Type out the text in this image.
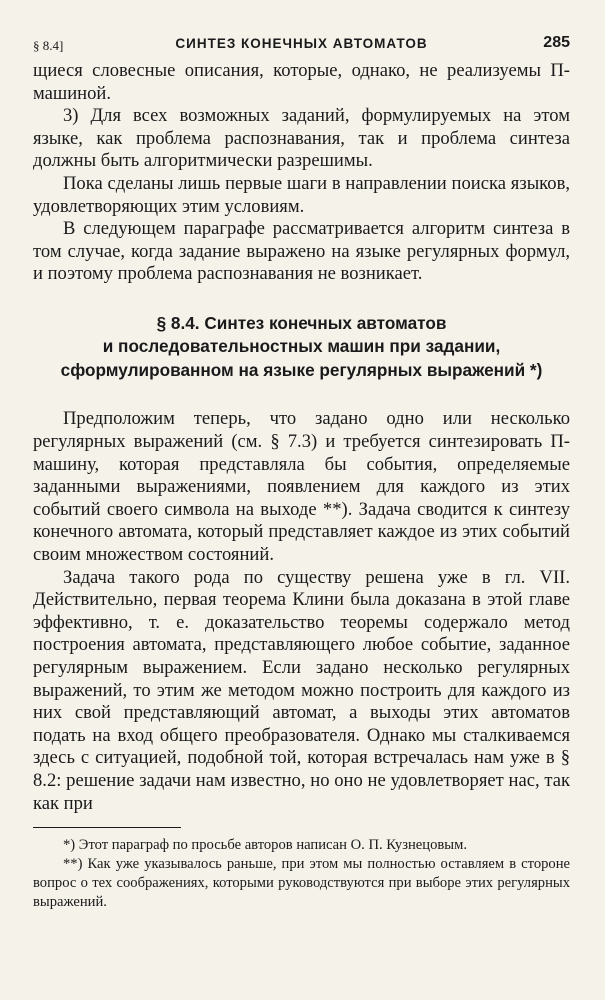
§ 8.4]	СИНТЕЗ КОНЕЧНЫХ АВТОМАТОВ	285

щиеся словесные описания, которые, однако, не реализуемы П-машиной.

3) Для всех возможных заданий, формулируемых на этом языке, как проблема распознавания, так и проблема синтеза должны быть алгоритмически разрешимы.

Пока сделаны лишь первые шаги в направлении поиска языков, удовлетворяющих этим условиям.

В следующем параграфе рассматривается алгоритм синтеза в том случае, когда задание выражено на языке регулярных формул, и поэтому проблема распознавания не возникает.

§ 8.4. Синтез конечных автоматов
и последовательностных машин при задании,
сформулированном на языке регулярных выражений *)

Предположим теперь, что задано одно или несколько регулярных выражений (см. § 7.3) и требуется синтезировать П-машину, которая представляла бы события, определяемые заданными выражениями, появлением для каждого из этих событий своего символа на выходе **). Задача сводится к синтезу конечного автомата, который представляет каждое из этих событий своим множеством состояний.

Задача такого рода по существу решена уже в гл. VII. Действительно, первая теорема Клини была доказана в этой главе эффективно, т. е. доказательство теоремы содержало метод построения автомата, представляющего любое событие, заданное регулярным выражением. Если задано несколько регулярных выражений, то этим же методом можно построить для каждого из них свой представляющий автомат, а выходы этих автоматов подать на вход общего преобразователя. Однако мы сталкиваемся здесь с ситуацией, подобной той, которая встречалась нам уже в § 8.2: решение задачи нам известно, но оно не удовлетворяет нас, так как при

*) Этот параграф по просьбе авторов написан О. П. Кузнецовым.

**) Как уже указывалось раньше, при этом мы полностью оставляем в стороне вопрос о тех соображениях, которыми руководствуются при выборе этих регулярных выражений.
